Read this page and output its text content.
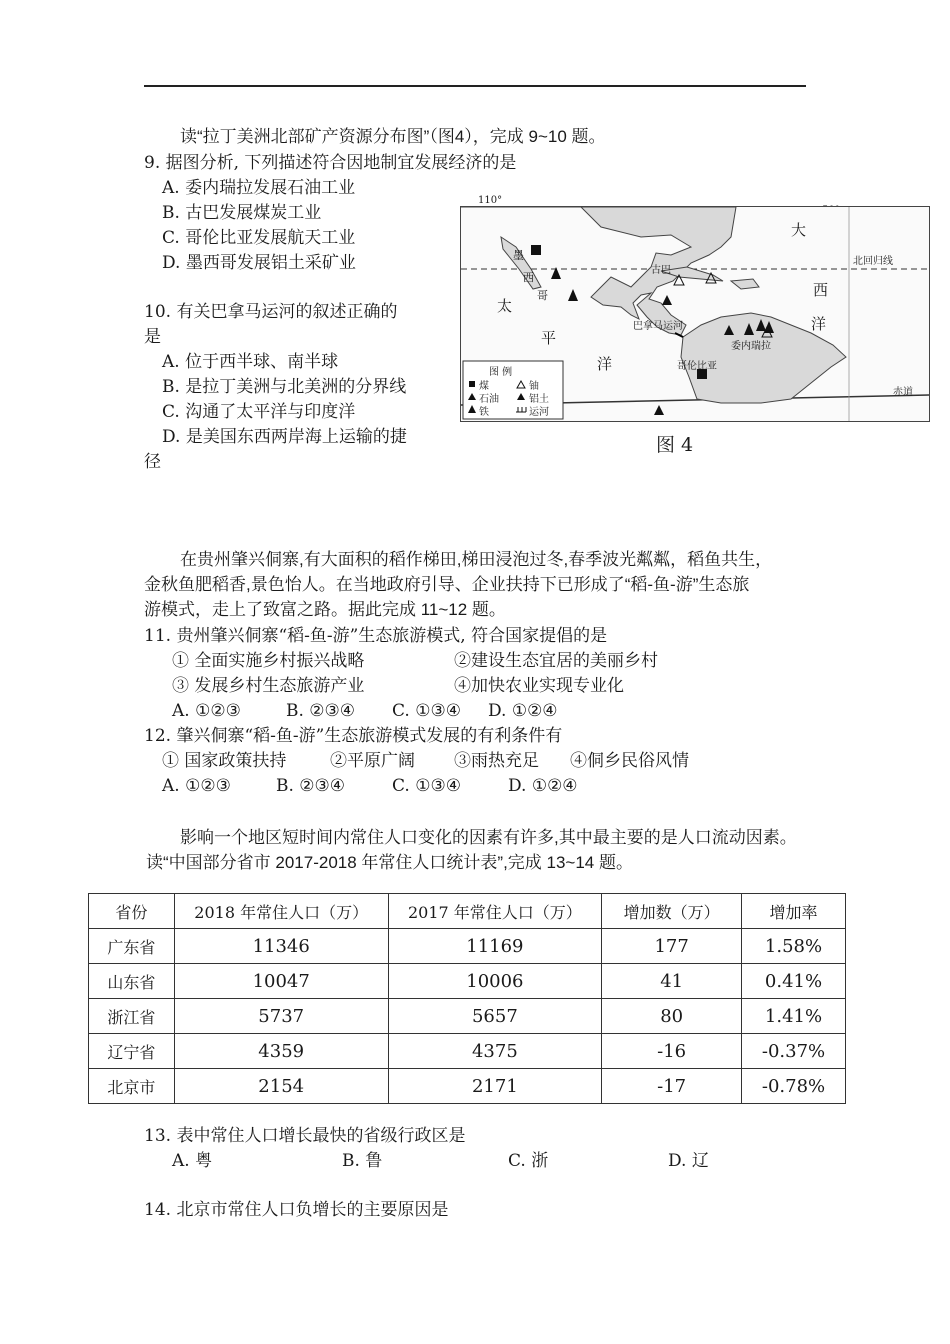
读“拉丁美洲北部矿产资源分布图”（图4），完成 9~10 题。
9. 据图分析, 下列描述符合因地制宜发展经济的是
A. 委内瑞拉发展石油工业
B. 古巴发展煤炭工业
C. 哥伦比亚发展航天工业
D. 墨西哥发展铝土采矿业
10. 有关巴拿马运河的叙述正确的
是
A. 位于西半球、南半球
B. 是拉丁美洲与北美洲的分界线
C. 沟通了太平洋与印度洋
D. 是美国东西两岸海上运输的捷
径
110°
北回归线
赤道
大
西
洋
太
平
洋
墨
西
哥
古巴
巴拿马运河
委内瑞拉
哥伦比亚
图 例
煤	铀
石油	铝土
铁	运河
图 4
在贵州肇兴侗寨,有大面积的稻作梯田,梯田浸泡过冬,春季波光粼粼，稻鱼共生，
金秋鱼肥稻香,景色怡人。在当地政府引导、企业扶持下已形成了“稻-鱼-游”生态旅
游模式，走上了致富之路。据此完成 11~12 题。
11. 贵州肇兴侗寨“稻-鱼-游”生态旅游模式, 符合国家提倡的是
① 全面实施乡村振兴战略	②建设生态宜居的美丽乡村
③ 发展乡村生态旅游产业	④加快农业实现专业化
A. ①②③	B. ②③④ C. ①③④ D. ①②④
12. 肇兴侗寨“稻-鱼-游”生态旅游模式发展的有利条件有
① 国家政策扶持	②平原广阔 ③雨热充足 ④侗乡民俗风情
A. ①②③	B. ②③④	C. ①③④	D. ①②④
影响一个地区短时间内常住人口变化的因素有许多,其中最主要的是人口流动因素。
读“中国部分省市 2017-2018 年常住人口统计表”,完成 13~14 题。
省份	2018 年常住人口（万）	2017 年常住人口（万）	增加数（万）	增加率
广东省	11346	11169	177	1.58%
山东省	10047	10006	41	0.41%
浙江省	5737	5657	80	1.41%
辽宁省	4359	4375	-16	-0.37%
北京市	2154	2171	-17	-0.78%
13. 表中常住人口增长最快的省级行政区是
A. 粤	B. 鲁	C. 浙	D. 辽
14. 北京市常住人口负增长的主要原因是
